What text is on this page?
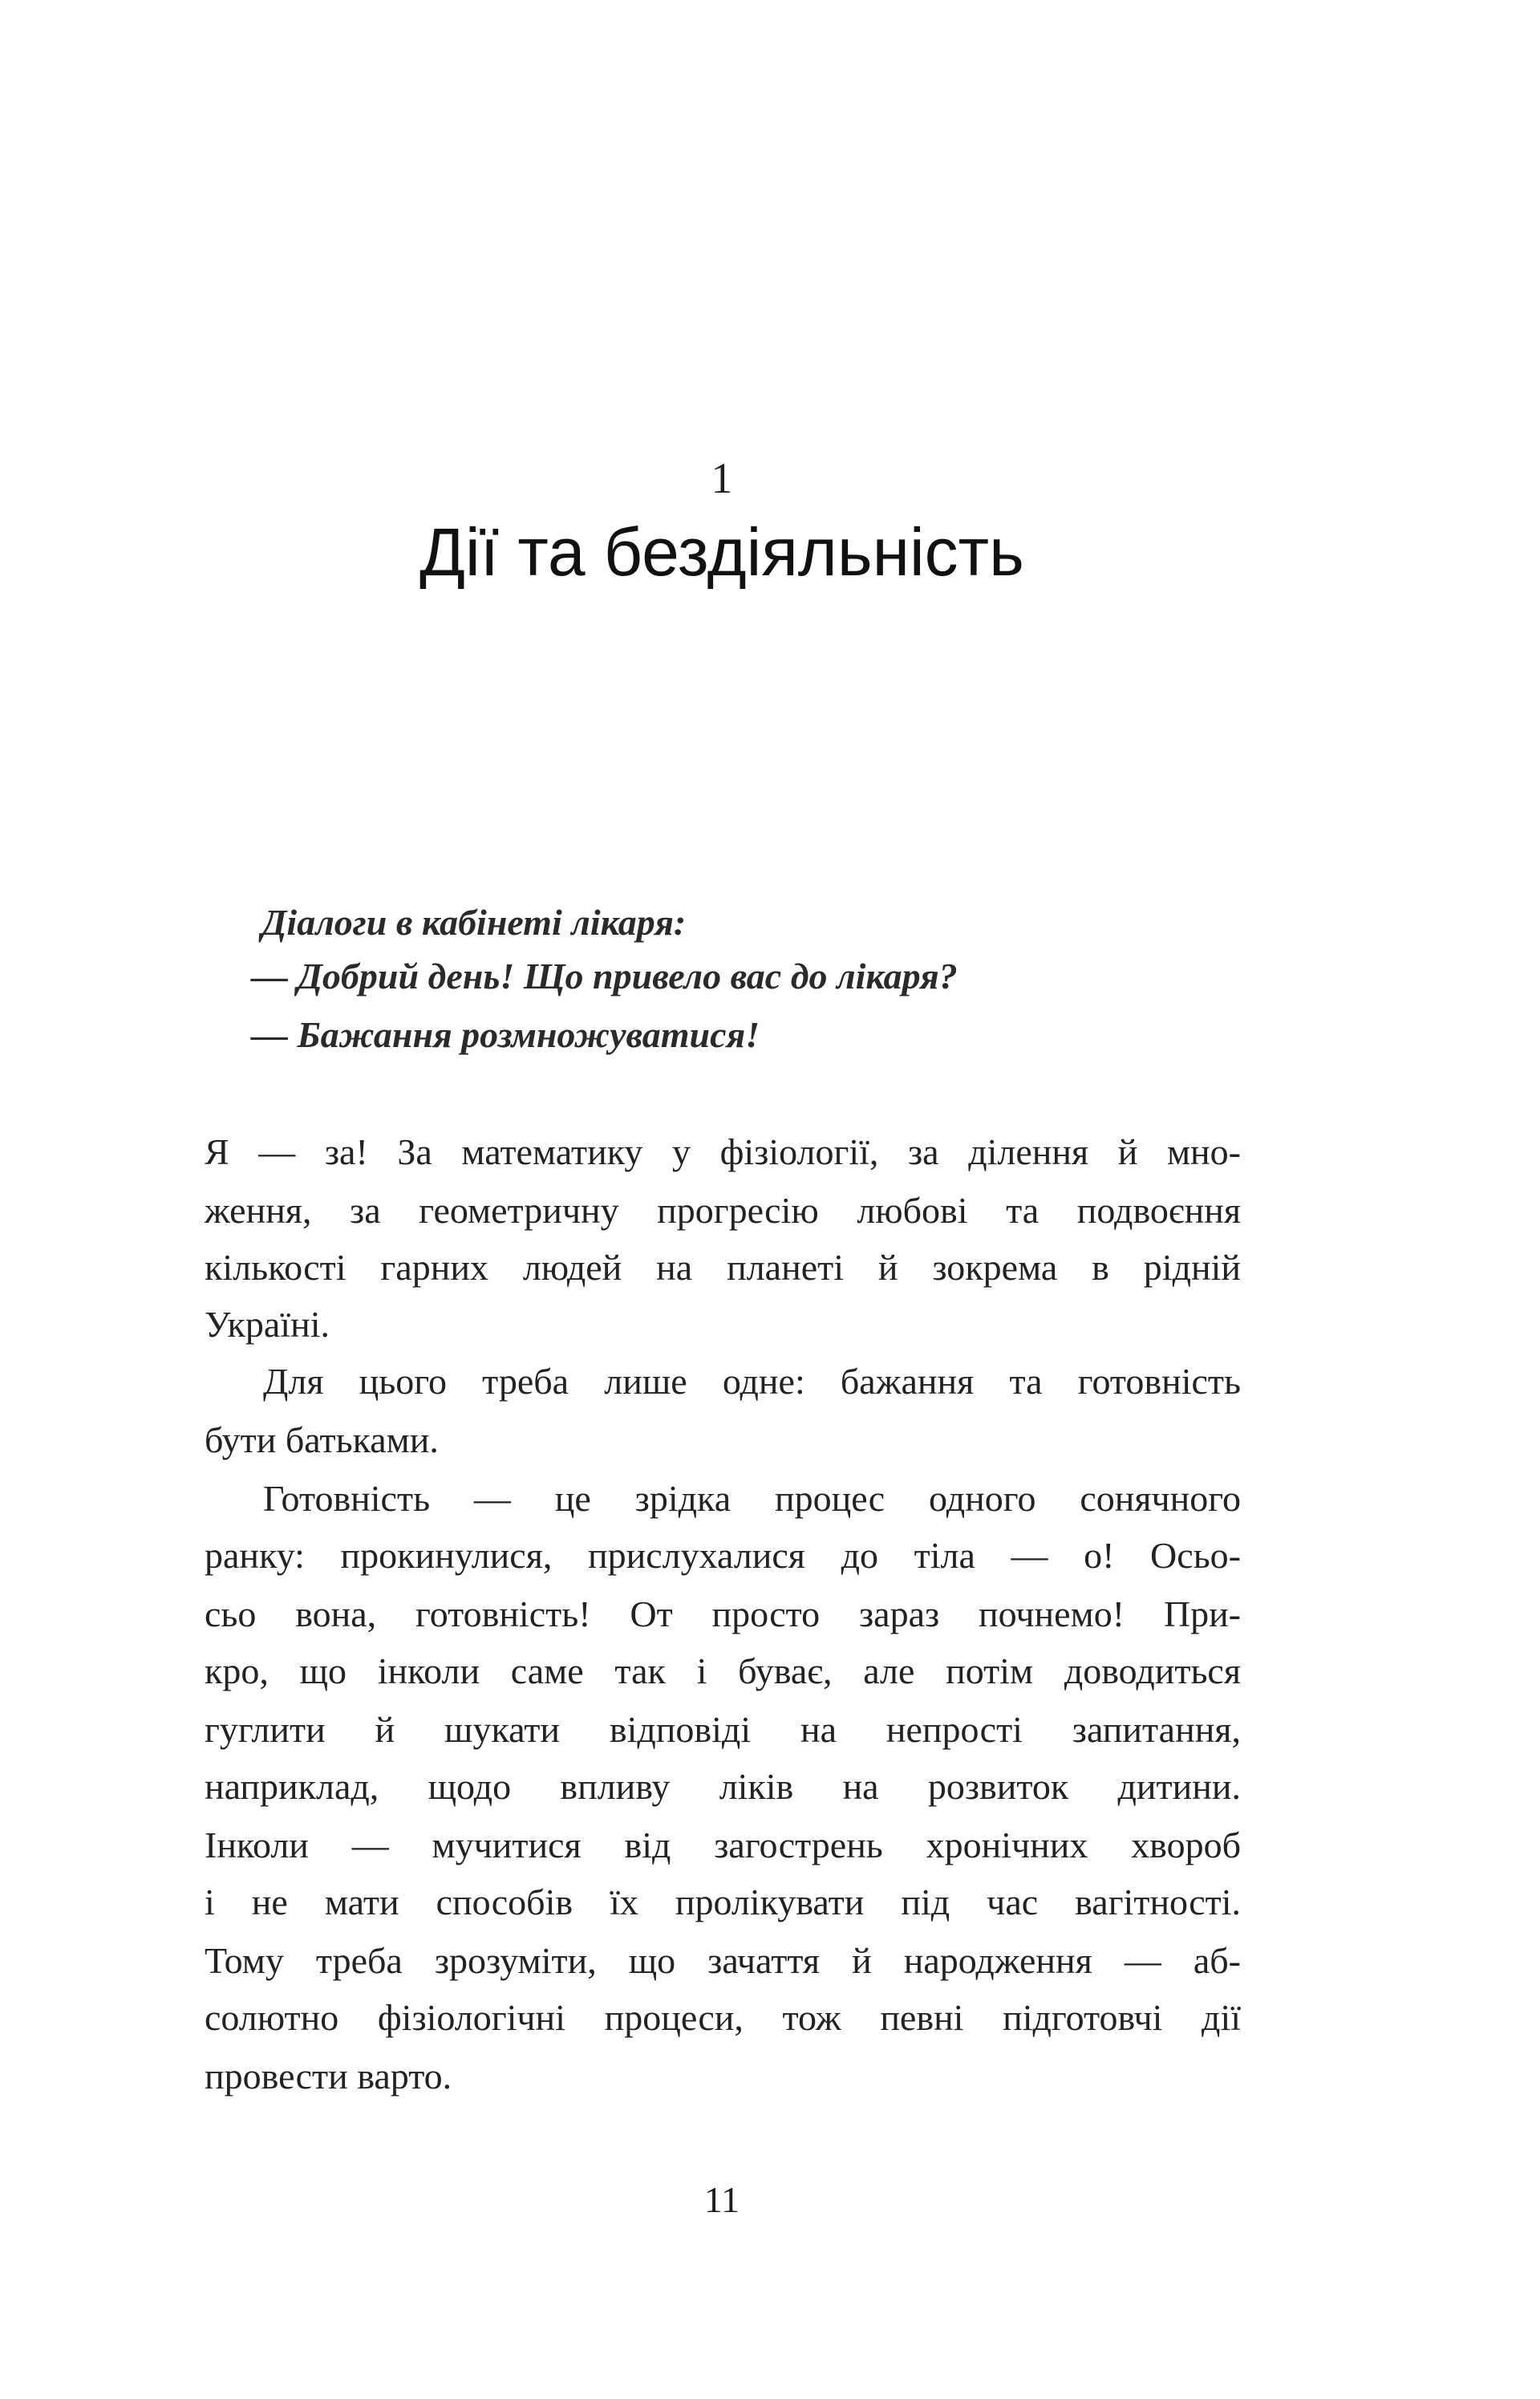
1
Дії та бездіяльність
Діалоги в кабінеті лікаря:
— Добрий день! Що привело вас до лікаря?
— Бажання розмножуватися!
Я — за! За математику у фізіології, за ділення й мно-
ження, за геометричну прогресію любові та подвоєння
кількості гарних людей на планеті й зокрема в рідній
Україні.
Для цього треба лише одне: бажання та готовність
бути батьками.
Готовність — це зрідка процес одного сонячного
ранку: прокинулися, прислухалися до тіла — о! Осьо-
сьо вона, готовність! От просто зараз почнемо! При-
кро, що інколи саме так і буває, але потім доводиться
гуглити й шукати відповіді на непрості запитання,
наприклад, щодо впливу ліків на розвиток дитини.
Інколи — мучитися від загострень хронічних хвороб
і не мати способів їх пролікувати під час вагітності.
Тому треба зрозуміти, що зачаття й народження — аб-
солютно фізіологічні процеси, тож певні підготовчі дії
провести варто.
11
